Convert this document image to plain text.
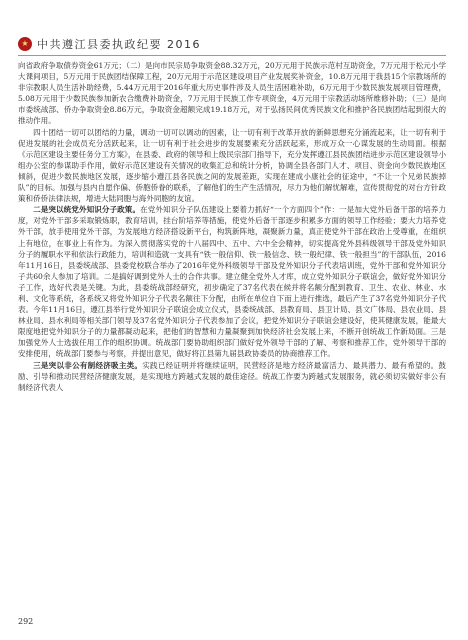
★ 中共遵江县委执政纪要 2016

向省政府争取债券资金61万元；（二）是向市民宗局争取资金88.32万元，20万元用于民族示范村互助资金，7万元用于松元小学大课间项目，5万元用于民族团结保障工程，20万元用于示范区建设项目产业发展奖补资金，10.8万元用于我县15个宗教场所的非宗教职人员生活补助经费，5.44万元用于2016年重大历史事件涉及人员生活困难补助，6万元用于少数民族发展项目管理费，5.08万元用于少数民族参加新农合缴费补助资金，7万元用于民族工作专项资金，4万元用于宗教活动场所维修补助；（三）是向市委统战部、侨办争取资金8.86万元，争取资金超额完成19.18万元，对于弘扬民间优秀民族文化和推护各民族团结起到很大的推动作用。

四十团结一切可以团结的力量，调动一切可以调动的因素，让一切有利于改革开放的新鲜思想充分涌流起来，让一切有利于促进发展的社会成员充分活跃起来，让一切有利于社会进步的发展要素充分活跃起来，形成万众一心谋发展的生动局面。根据《示范区建设主要任务分工方案》，在县委、政府的领导和上级民宗部门指导下，充分发挥遵江县民族团结进步示范区建设领导小组办公室的参谋助手作用，做好示范区建设有关情况的收集汇总和统计分析，协调全县各部门人才、项目、资金向少数民族地区倾斜，促进少数民族地区发展，逐步缩小遵江县各民族之间的发展差距，实现在建成小康社会的征途中，“不让一个兄弟民族掉队”的目标。加强与县内自愿作偏、侨胞侨眷的联系，了解他们的生产生活情况，尽力为他们解忧解难，宣传贯彻党的对台方针政策和侨侨法律法规，增进大陆同胞与海外同胞的友谊。

二是突以统党外知识分子政策。在党外知识分子队伍建设上要着力抓好“一个方面四个”作：一是加大党外后备干部的培养力度，对党外干部多采取锻炼职，教育培训，挂台阶培养等措施，使党外后备干部逐步积累多方面的领导工作经验；要大力培养党外干部，放手使用党外干部，为发展地方经济搭设新平台，构筑新阵地，凝聚新力量，真正使党外干部在政治上受尊重，在组织上有地位，在事业上有作为。为深入贯彻落实党的十八届四中、五中、六中全会精神，切实提高党外县科级领导干部及党外知识分子的履职水平和依法行政能力，培训和造就一支具有“铁一般信仰、铁一般信念、铁一般纪律、铁一般担当”的干部队伍，2016年11月16日，县委统战部、县委党校联合举办了2016年党外科级领导干部及党外知识分子代表培训班，党外干部和党外知识分子共60余人参加了培训。二是搞好调到党外人士的合作共事。建立健全党外人才库，成立党外知识分子联谊会，做好党外知识分子工作，选好代表是关键。为此，县委统战部经研究，初步确定了37名代表在候并将名额分配到教育、卫生、农业、林业、水利、文化等系统，各系统又将党外知识分子代表名额往下分配，由所在单位自下而上进行推选，最后产生了37名党外知识分子代表。今年11月16日，遵江县举行党外知识分子联谊会成立仪式，县委统战部、县教育局、县卫计局、县文广体局、县农业局、县林业局、县水利局等相关部门领导及37名党外知识分子代表参加了会议，把党外知识分子联谊会建设好，使其健康发展，能最大限度地把党外知识分子的力量都凝动起来，把他们的智慧和力量凝聚到加快经济社会发展上来，不断开创统战工作新局面。三是加强党外人士选拔任用工作的组织协调。统战部门要协助组织部门做好党外领导干部的了解、考察和推荐工作，党外领导干部的安排使用，统战部门要参与考察，并提出意见，做好将江县第九届县政协委员的协商推荐工作。

三是突以非公有制经济吸主类。实践已经证明并将继续证明，民营经济是地方经济最富活力、最具潜力、最有希望的。鼓励、引导和推动民营经济健康发展，是实现地方跨越式发展的最佳途径。统战工作要为跨越式发展服务，就必须切实做好非公有制经济代表人

292
